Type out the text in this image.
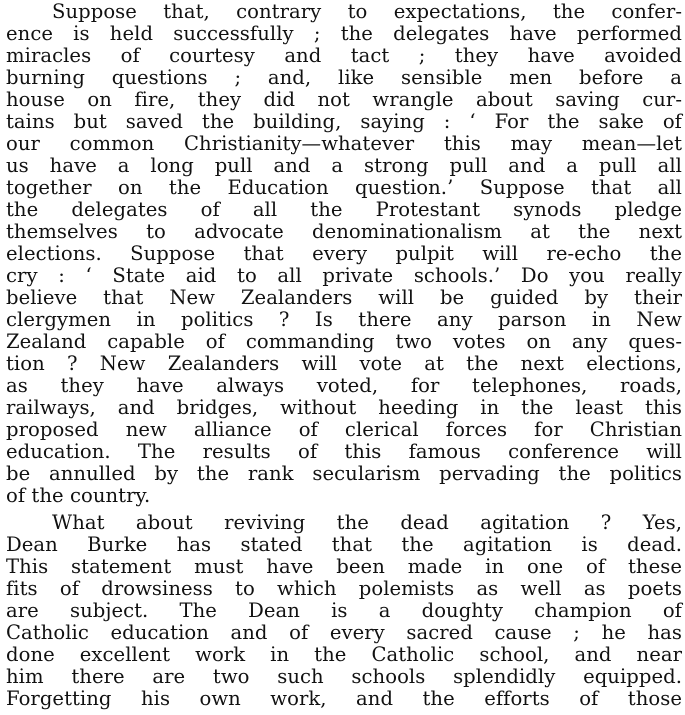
Suppose that, contrary to expectations, the confer-
ence is held successfully ; the delegates have performed
miracles of courtesy and tact ; they have avoided
burning questions ; and, like sensible men before a
house on fire, they did not wrangle about saving cur-
tains but saved the building, saying : ‘ For the sake of
our common Christianity—whatever this may mean—let
us have a long pull and a strong pull and a pull all
together on the Education question.’ Suppose that all
the delegates of all the Protestant synods pledge
themselves to advocate denominationalism at the next
elections. Suppose that every pulpit will re-echo the
cry : ‘ State aid to all private schools.’ Do you really
believe that New Zealanders will be guided by their
clergymen in politics ? Is there any parson in New
Zealand capable of commanding two votes on any ques-
tion ? New Zealanders will vote at the next elections,
as they have always voted, for telephones, roads,
railways, and bridges, without heeding in the least this
proposed new alliance of clerical forces for Christian
education. The results of this famous conference will
be annulled by the rank secularism pervading the politics
of the country.
What about reviving the dead agitation ? Yes,
Dean Burke has stated that the agitation is dead.
This statement must have been made in one of these
fits of drowsiness to which polemists as well as poets
are subject. The Dean is a doughty champion of
Catholic education and of every sacred cause ; he has
done excellent work in the Catholic school, and near
him there are two such schools splendidly equipped.
Forgetting his own work, and the efforts of those
